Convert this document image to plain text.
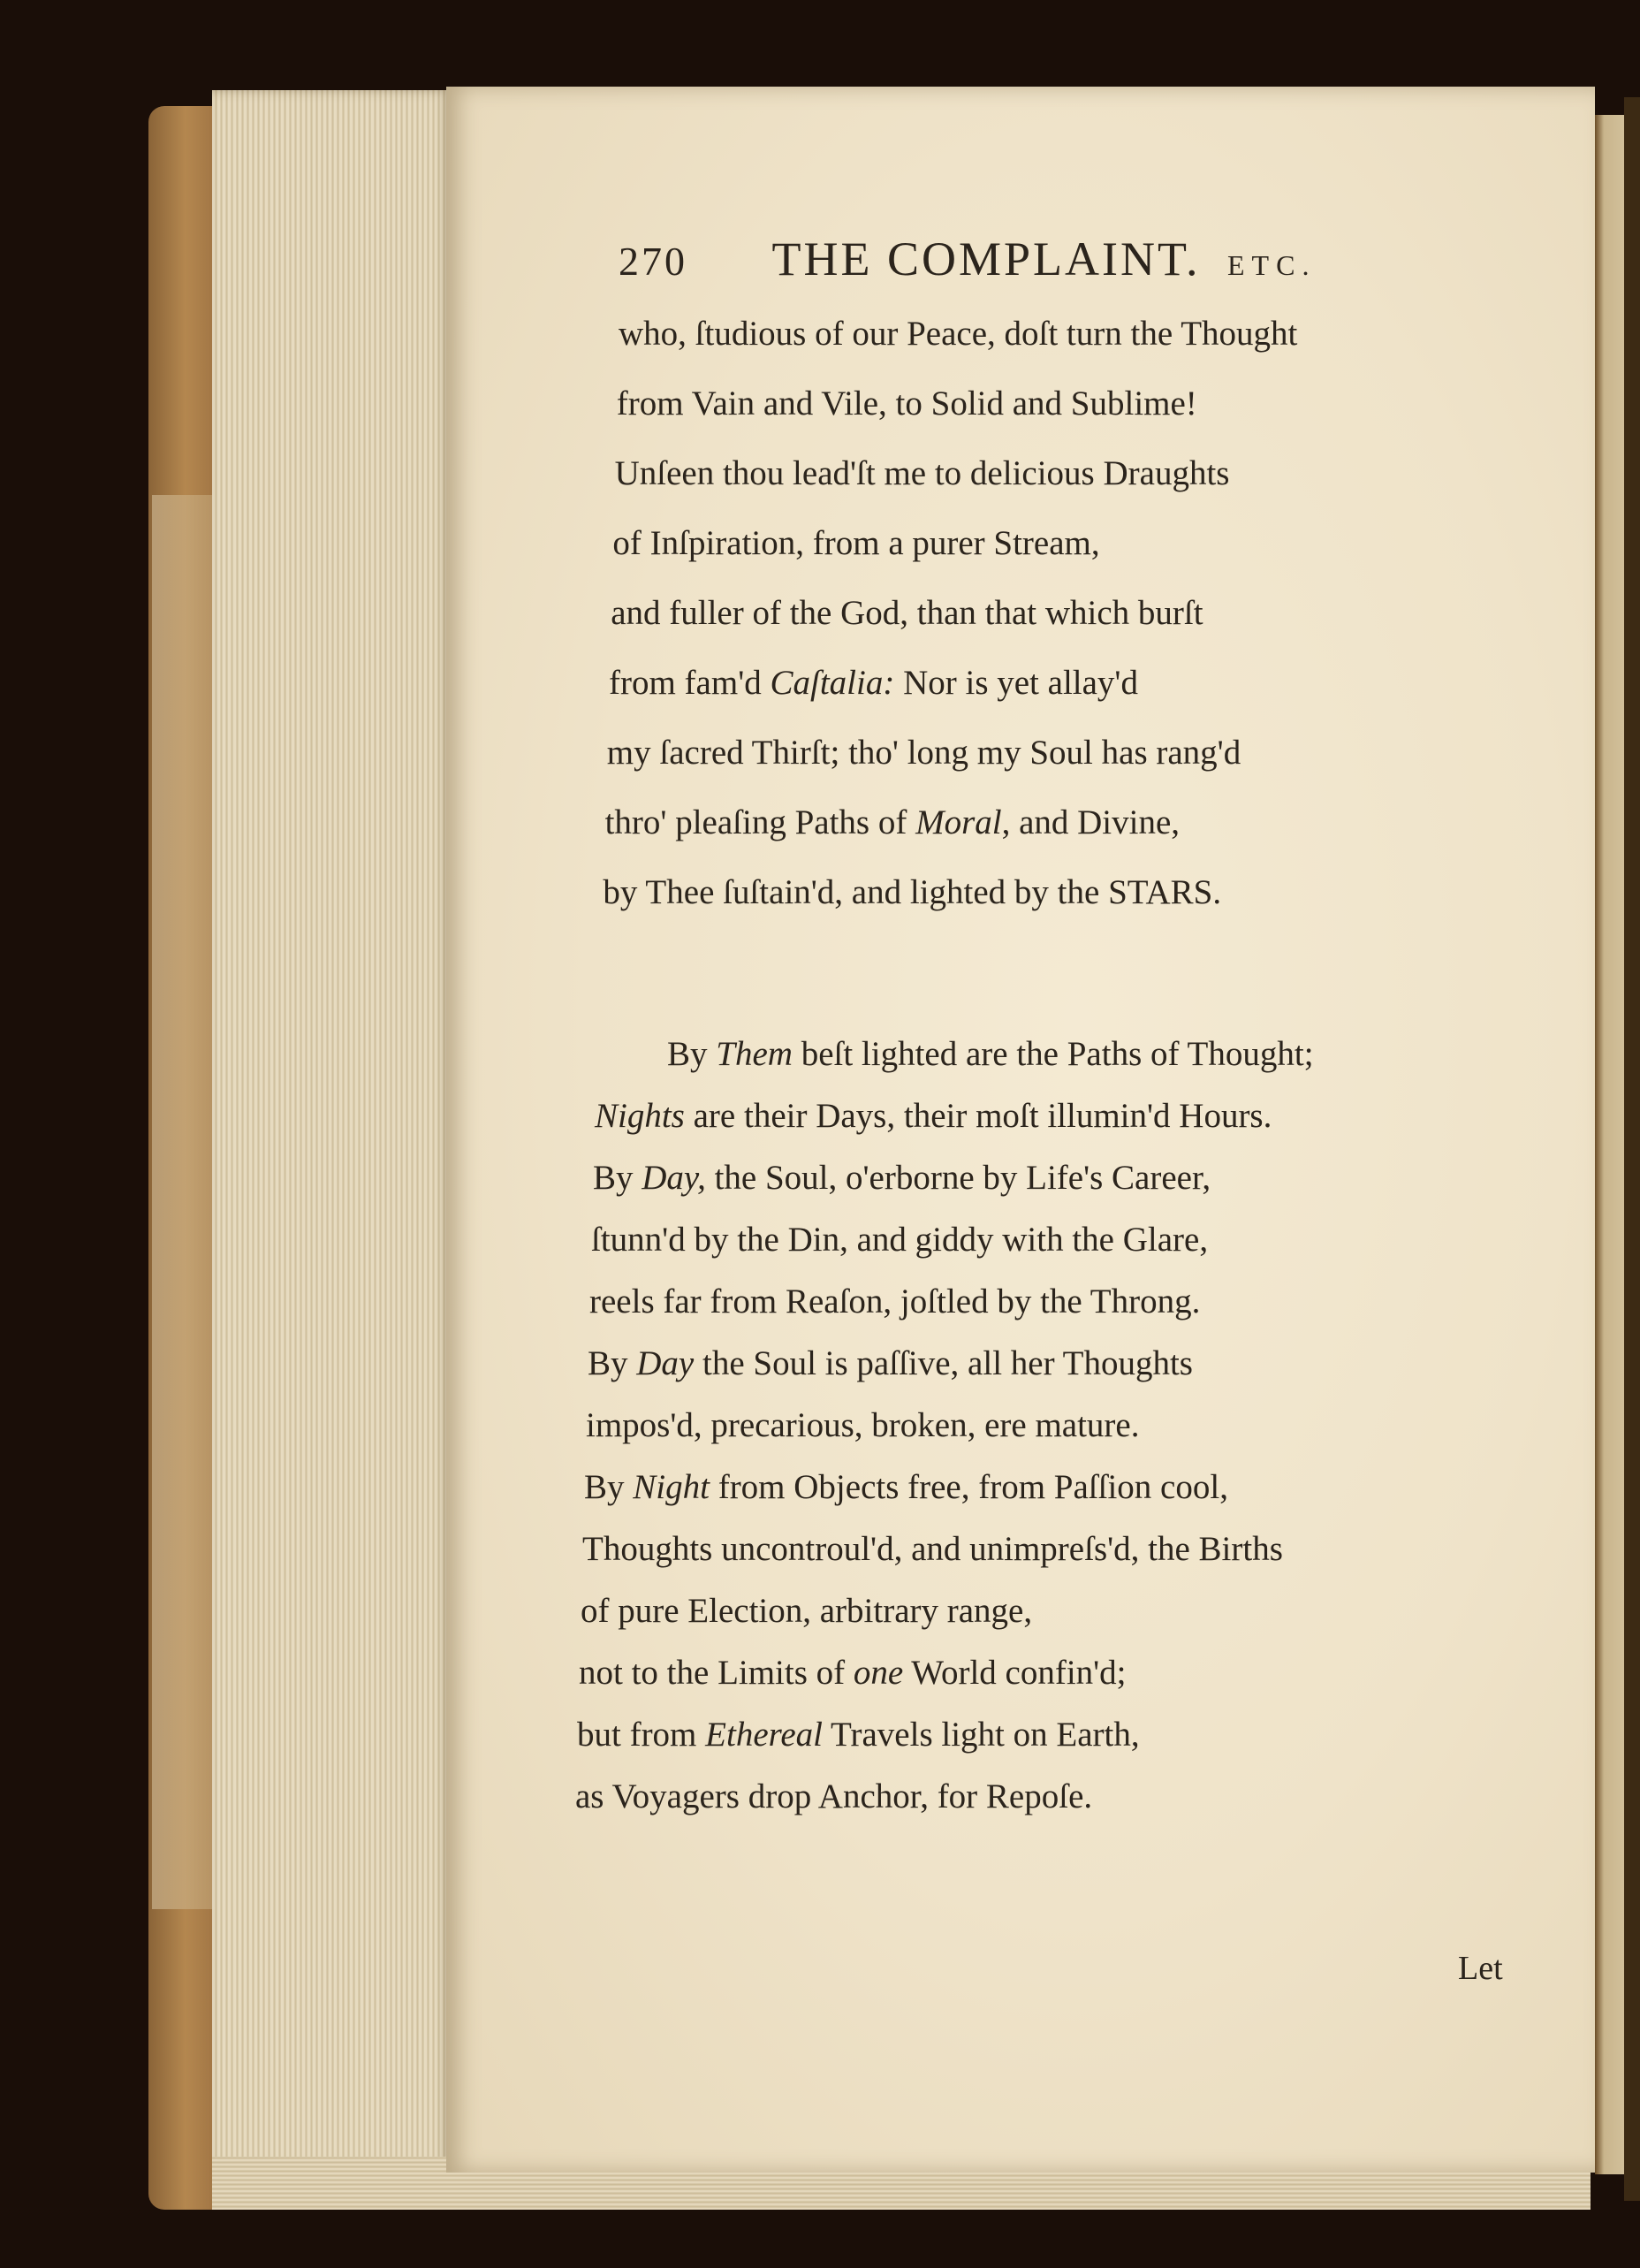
270 THE COMPLAINT. ETC.
who, ſtudious of our Peace, doſt turn the Thought
from Vain and Vile, to Solid and Sublime!
Unſeen thou lead'ſt me to delicious Draughts
of Inſpiration, from a purer Stream,
and fuller of the God, than that which burſt
from fam'd Caſtalia: Nor is yet allay'd
my ſacred Thirſt; tho' long my Soul has rang'd
thro' pleaſing Paths of Moral, and Divine,
by Thee ſuſtain'd, and lighted by the STARS.
By Them beſt lighted are the Paths of Thought;
Nights are their Days, their moſt illumin'd Hours.
By Day, the Soul, o'erborne by Life's Career,
ſtunn'd by the Din, and giddy with the Glare,
reels far from Reaſon, joſtled by the Throng.
By Day the Soul is paſſive, all her Thoughts
impos'd, precarious, broken, ere mature.
By Night from Objects free, from Paſſion cool,
Thoughts uncontroul'd, and unimpreſs'd, the Births
of pure Election, arbitrary range,
not to the Limits of one World confin'd;
but from Ethereal Travels light on Earth,
as Voyagers drop Anchor, for Repoſe.
Let
